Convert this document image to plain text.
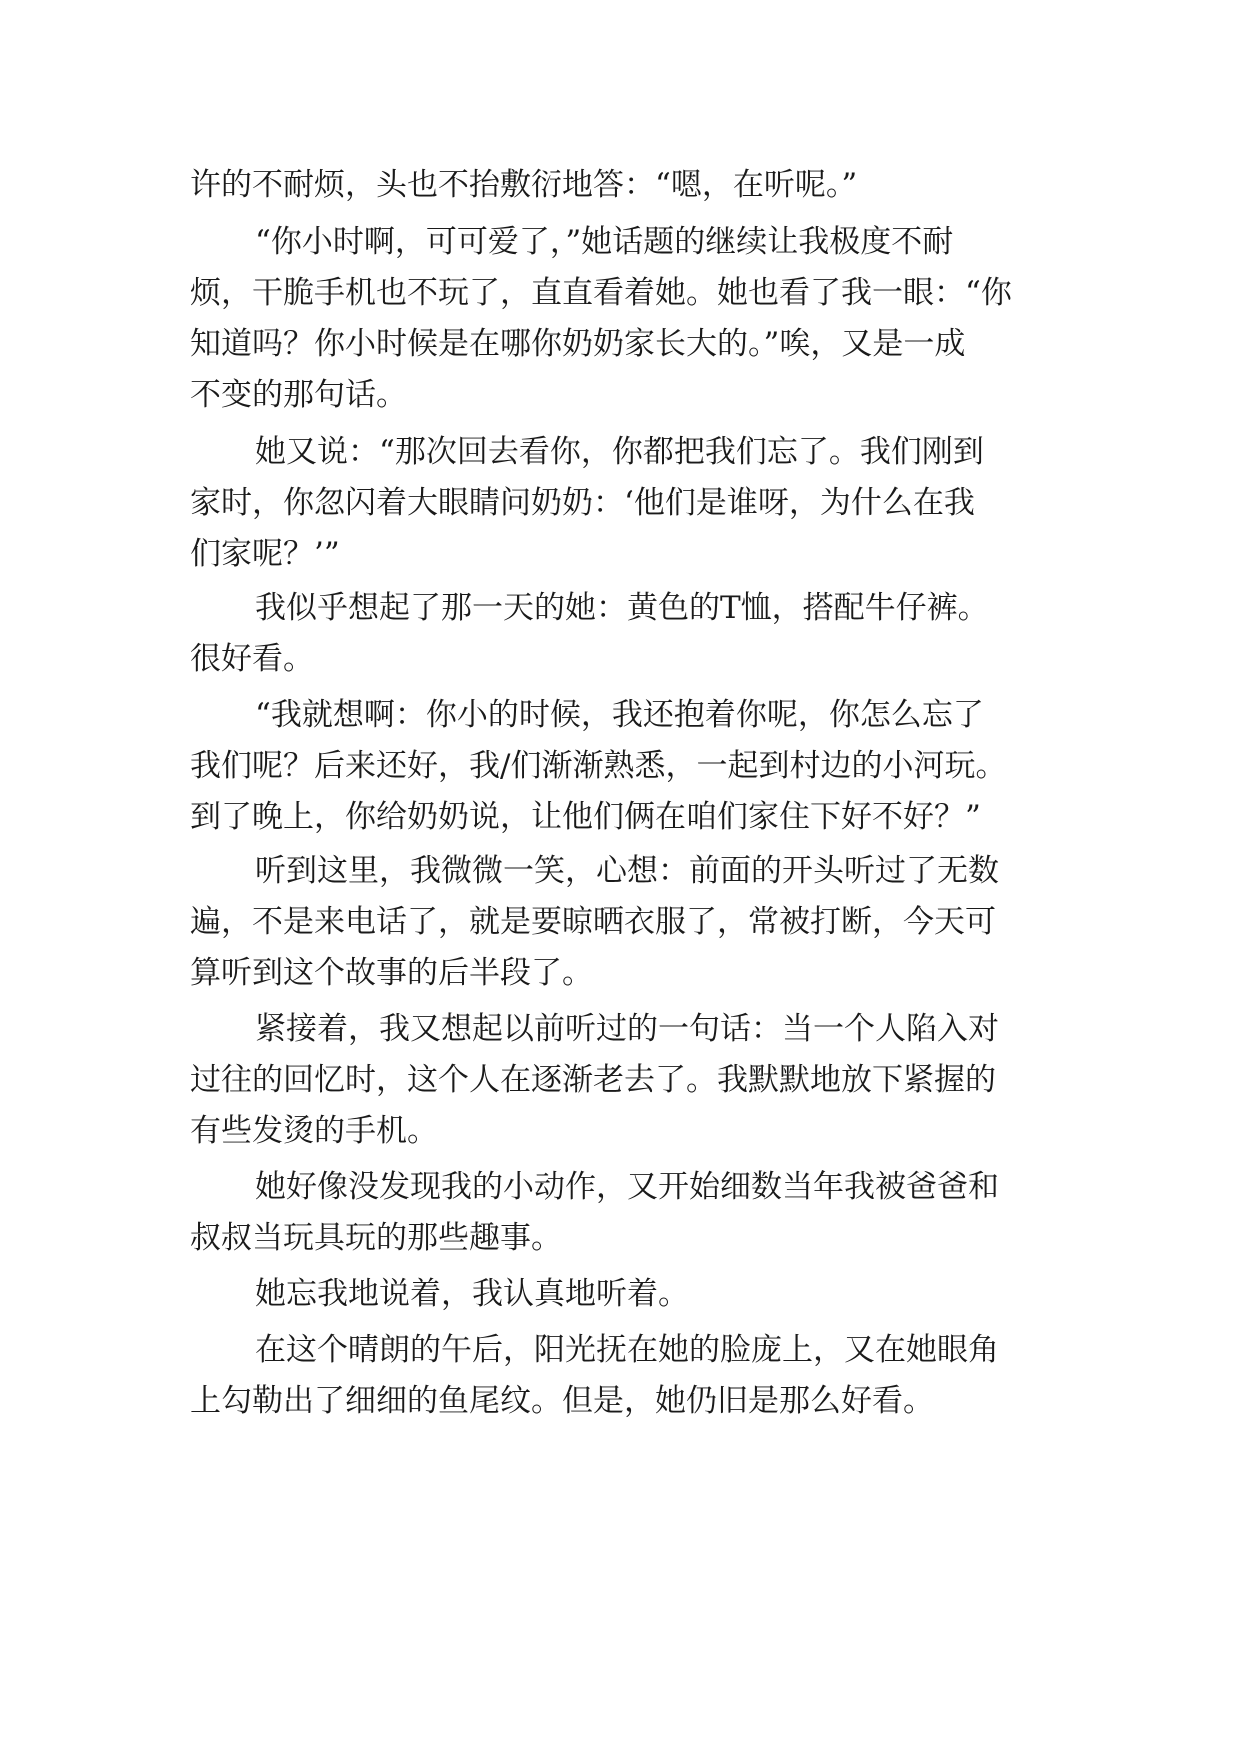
许的不耐烦，头也不抬敷衍地答：“嗯，在听呢。”
“你小时啊，可可爱了，”她话题的继续让我极度不耐
烦，干脆手机也不玩了，直直看着她。她也看了我一眼：“你
知道吗？你小时候是在哪你奶奶家长大的。”唉，又是一成
不变的那句话。
她又说：“那次回去看你，你都把我们忘了。我们刚到
家时，你忽闪着大眼睛问奶奶：‘他们是谁呀，为什么在我
们家呢？’”
我似乎想起了那一天的她：黄色的T恤，搭配牛仔裤。
很好看。
“我就想啊：你小的时候，我还抱着你呢，你怎么忘了
我们呢？后来还好，我/们渐渐熟悉，一起到村边的小河玩。
到了晚上，你给奶奶说，让他们俩在咱们家住下好不好？”
听到这里，我微微一笑，心想：前面的开头听过了无数
遍，不是来电话了，就是要晾晒衣服了，常被打断，今天可
算听到这个故事的后半段了。
紧接着，我又想起以前听过的一句话：当一个人陷入对
过往的回忆时，这个人在逐渐老去了。我默默地放下紧握的
有些发烫的手机。
她好像没发现我的小动作，又开始细数当年我被爸爸和
叔叔当玩具玩的那些趣事。
她忘我地说着，我认真地听着。
在这个晴朗的午后，阳光抚在她的脸庞上，又在她眼角
上勾勒出了细细的鱼尾纹。但是，她仍旧是那么好看。
